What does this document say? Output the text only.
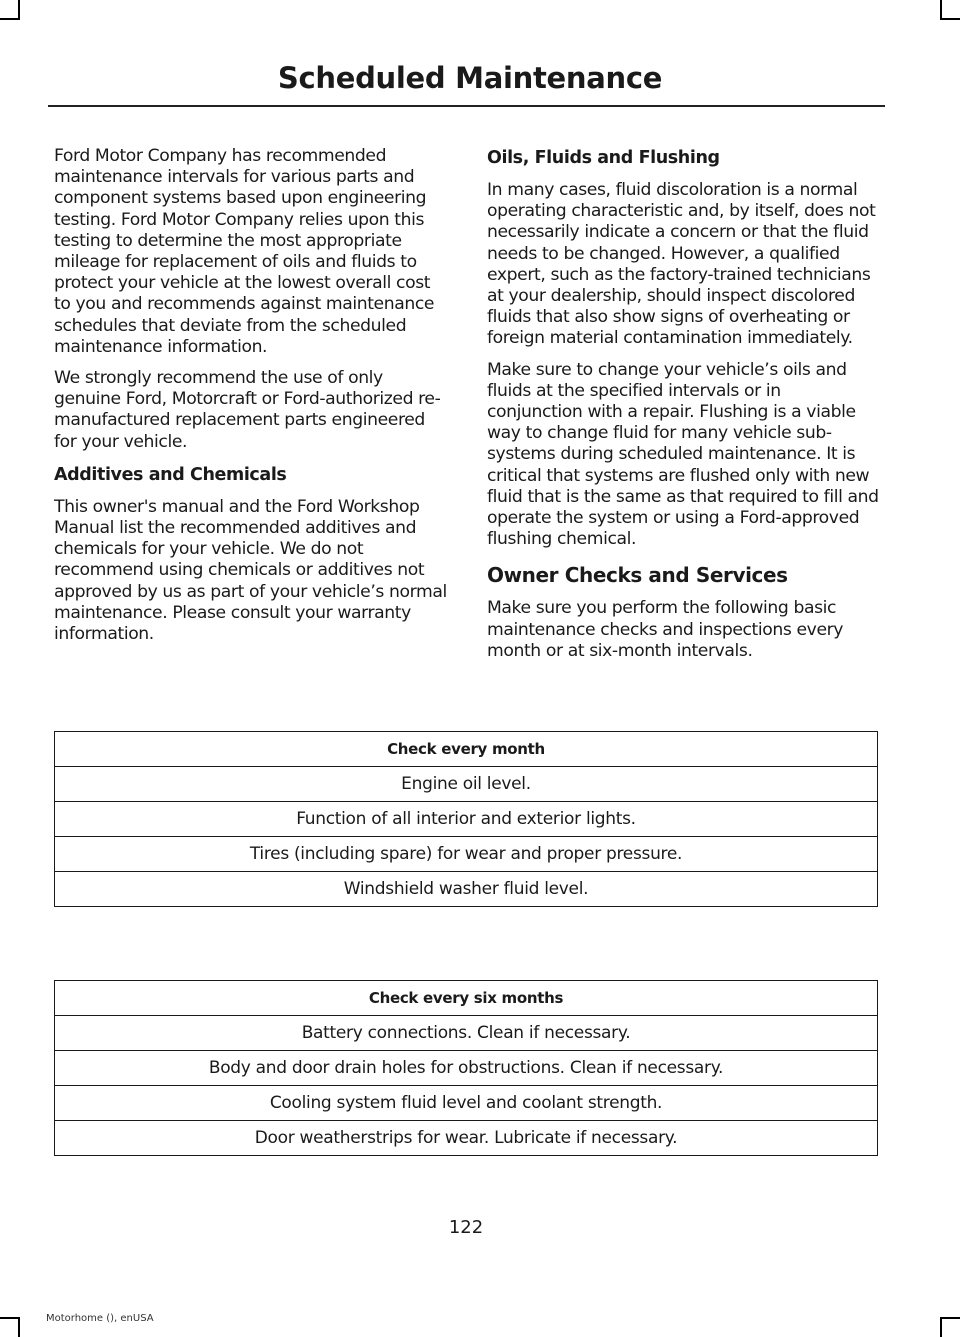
Scheduled Maintenance

Ford Motor Company has recommended maintenance intervals for various parts and component systems based upon engineering testing. Ford Motor Company relies upon this testing to determine the most appropriate mileage for replacement of oils and fluids to protect your vehicle at the lowest overall cost to you and recommends against maintenance schedules that deviate from the scheduled maintenance information.

We strongly recommend the use of only genuine Ford, Motorcraft or Ford-authorized re-manufactured replacement parts engineered for your vehicle.

Additives and Chemicals

This owner's manual and the Ford Workshop Manual list the recommended additives and chemicals for your vehicle. We do not recommend using chemicals or additives not approved by us as part of your vehicle’s normal maintenance. Please consult your warranty information.

Oils, Fluids and Flushing

In many cases, fluid discoloration is a normal operating characteristic and, by itself, does not necessarily indicate a concern or that the fluid needs to be changed. However, a qualified expert, such as the factory-trained technicians at your dealership, should inspect discolored fluids that also show signs of overheating or foreign material contamination immediately.

Make sure to change your vehicle’s oils and fluids at the specified intervals or in conjunction with a repair. Flushing is a viable way to change fluid for many vehicle sub-systems during scheduled maintenance. It is critical that systems are flushed only with new fluid that is the same as that required to fill and operate the system or using a Ford-approved flushing chemical.

Owner Checks and Services

Make sure you perform the following basic maintenance checks and inspections every month or at six-month intervals.

Check every month
Engine oil level.
Function of all interior and exterior lights.
Tires (including spare) for wear and proper pressure.
Windshield washer fluid level.
Check every six months
Battery connections. Clean if necessary.
Body and door drain holes for obstructions. Clean if necessary.
Cooling system fluid level and coolant strength.
Door weatherstrips for wear. Lubricate if necessary.
122
Motorhome (), enUSA
